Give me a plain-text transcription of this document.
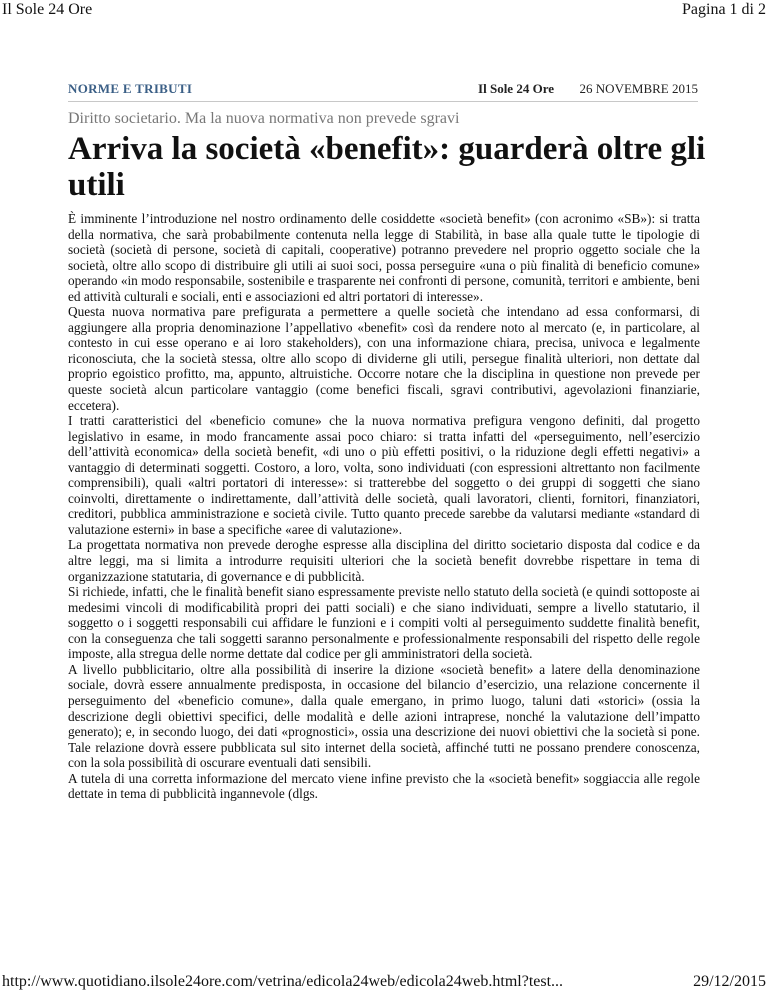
Il Sole 24 Ore	Pagina 1 di 2
NORME E TRIBUTI	Il Sole 24 Ore 26 NOVEMBRE 2015
Diritto societario. Ma la nuova normativa non prevede sgravi
Arriva la società «benefit»: guarderà oltre gli utili

È imminente l’introduzione nel nostro ordinamento delle cosiddette «società benefit» (con acronimo «SB»): si tratta della normativa, che sarà probabilmente contenuta nella legge di Stabilità, in base alla quale tutte le tipologie di società (società di persone, società di capitali, cooperative) potranno prevedere nel proprio oggetto sociale che la società, oltre allo scopo di distribuire gli utili ai suoi soci, possa perseguire «una o più finalità di beneficio comune» operando «in modo responsabile, sostenibile e trasparente nei confronti di persone, comunità, territori e ambiente, beni ed attività culturali e sociali, enti e associazioni ed altri portatori di interesse».

Questa nuova normativa pare prefigurata a permettere a quelle società che intendano ad essa conformarsi, di aggiungere alla propria denominazione l’appellativo «benefit» così da rendere noto al mercato (e, in particolare, al contesto in cui esse operano e ai loro stakeholders), con una informazione chiara, precisa, univoca e legalmente riconosciuta, che la società stessa, oltre allo scopo di dividerne gli utili, persegue finalità ulteriori, non dettate dal proprio egoistico profitto, ma, appunto, altruistiche. Occorre notare che la disciplina in questione non prevede per queste società alcun particolare vantaggio (come benefici fiscali, sgravi contributivi, agevolazioni finanziarie, eccetera).

I tratti caratteristici del «beneficio comune» che la nuova normativa prefigura vengono definiti, dal progetto legislativo in esame, in modo francamente assai poco chiaro: si tratta infatti del «perseguimento, nell’esercizio dell’attività economica» della società benefit, «di uno o più effetti positivi, o la riduzione degli effetti negativi» a vantaggio di determinati soggetti. Costoro, a loro, volta, sono individuati (con espressioni altrettanto non facilmente comprensibili), quali «altri portatori di interesse»: si tratterebbe del soggetto o dei gruppi di soggetti che siano coinvolti, direttamente o indirettamente, dall’attività delle società, quali lavoratori, clienti, fornitori, finanziatori, creditori, pubblica amministrazione e società civile. Tutto quanto precede sarebbe da valutarsi mediante «standard di valutazione esterni» in base a specifiche «aree di valutazione».

La progettata normativa non prevede deroghe espresse alla disciplina del diritto societario disposta dal codice e da altre leggi, ma si limita a introdurre requisiti ulteriori che la società benefit dovrebbe rispettare in tema di organizzazione statutaria, di governance e di pubblicità.

Si richiede, infatti, che le finalità benefit siano espressamente previste nello statuto della società (e quindi sottoposte ai medesimi vincoli di modificabilità propri dei patti sociali) e che siano individuati, sempre a livello statutario, il soggetto o i soggetti responsabili cui affidare le funzioni e i compiti volti al perseguimento suddette finalità benefit, con la conseguenza che tali soggetti saranno personalmente e professionalmente responsabili del rispetto delle regole imposte, alla stregua delle norme dettate dal codice per gli amministratori della società.

A livello pubblicitario, oltre alla possibilità di inserire la dizione «società benefit» a latere della denominazione sociale, dovrà essere annualmente predisposta, in occasione del bilancio d’esercizio, una relazione concernente il perseguimento del «beneficio comune», dalla quale emergano, in primo luogo, taluni dati «storici» (ossia la descrizione degli obiettivi specifici, delle modalità e delle azioni intraprese, nonché la valutazione dell’impatto generato); e, in secondo luogo, dei dati «prognostici», ossia una descrizione dei nuovi obiettivi che la società si pone. Tale relazione dovrà essere pubblicata sul sito internet della società, affinché tutti ne possano prendere conoscenza, con la sola possibilità di oscurare eventuali dati sensibili.

A tutela di una corretta informazione del mercato viene infine previsto che la «società benefit» soggiaccia alle regole dettate in tema di pubblicità ingannevole (dlgs.

http://www.quotidiano.ilsole24ore.com/vetrina/edicola24web/edicola24web.html?test...	29/12/2015
